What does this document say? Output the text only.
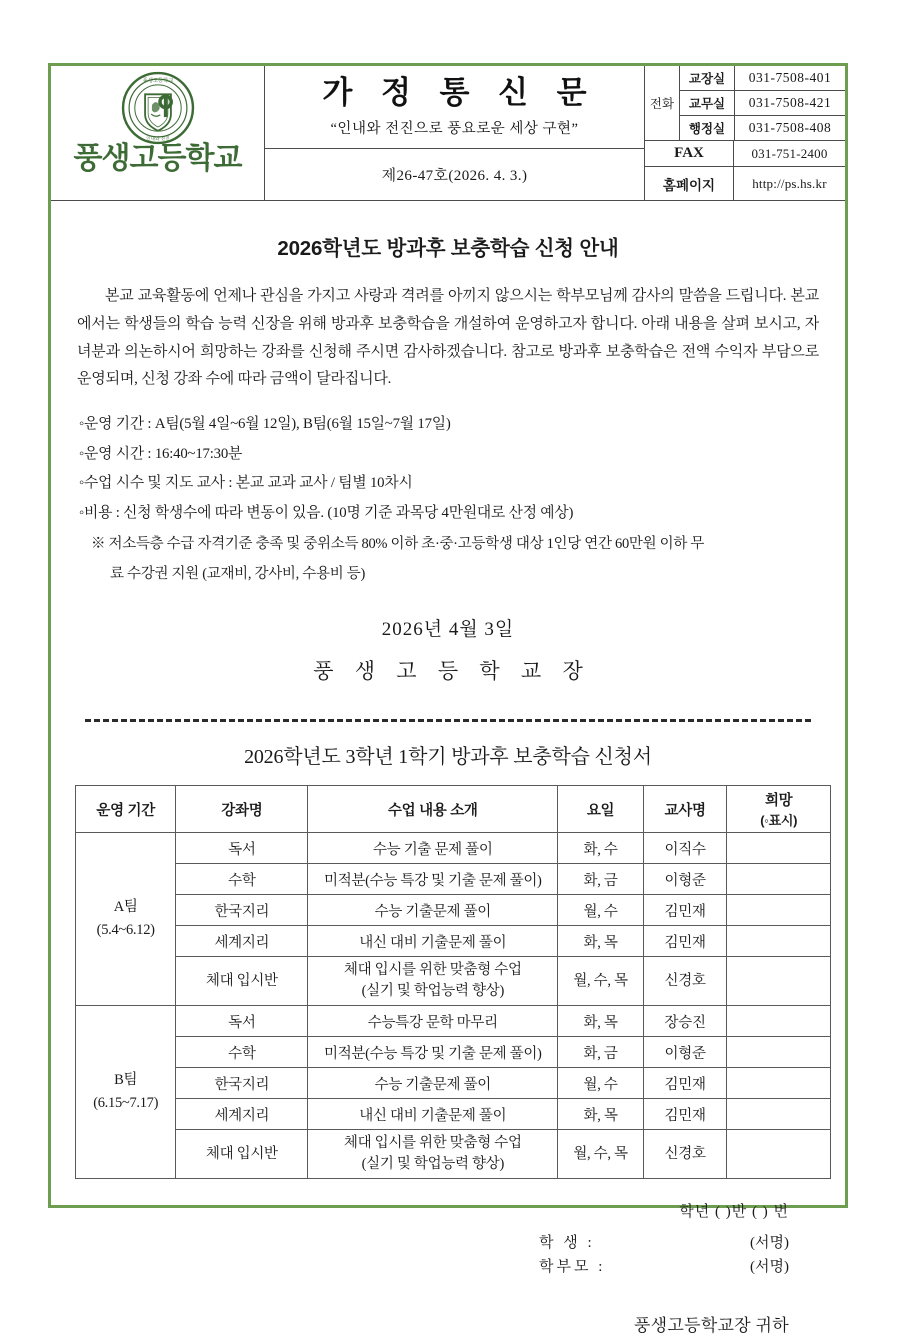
풍생고등학교
인내와 전진
풍생고등학교
가 정 통 신 문
“인내와 전진으로 풍요로운 세상 구현”
제26-47호(2026. 4. 3.)
전화
교장실	031-7508-401
교무실	031-7508-421
행정실	031-7508-408
FAX	031-751-2400
홈페이지	http://ps.hs.kr
2026학년도 방과후 보충학습 신청 안내

본교 교육활동에 언제나 관심을 가지고 사랑과 격려를 아끼지 않으시는 학부모님께 감사의 말씀을 드립니다. 본교에서는 학생들의 학습 능력 신장을 위해 방과후 보충학습을 개설하여 운영하고자 합니다. 아래 내용을 살펴 보시고, 자녀분과 의논하시어 희망하는 강좌를 신청해 주시면 감사하겠습니다. 참고로 방과후 보충학습은 전액 수익자 부담으로 운영되며, 신청 강좌 수에 따라 금액이 달라집니다.

◦운영 기간 : A팀(5월 4일~6월 12일), B팀(6월 15일~7월 17일)
◦운영 시간 : 16:40~17:30분
◦수업 시수 및 지도 교사 : 본교 교과 교사 / 팀별 10차시
◦비용 : 신청 학생수에 따라 변동이 있음. (10명 기준 과목당 4만원대로 산정 예상)
※ 저소득층 수급 자격기준 충족 및 중위소득 80% 이하 초·중·고등학생 대상 1인당 연간 60만원 이하 무
료 수강권 지원 (교재비, 강사비, 수용비 등)
2026년 4월 3일
풍 생 고 등 학 교 장
2026학년도 3학년 1학기 방과후 보충학습 신청서
운영 기간	강좌명	수업 내용 소개	요일	교사명	희망
(◦표시)

A팀
(5.4~6.12)	독서	수능 기출 문제 풀이	화, 수	이직수	
	수학	미적분(수능 특강 및 기출 문제 풀이)	화, 금	이형준	
	한국지리	수능 기출문제 풀이	월, 수	김민재	
	세계지리	내신 대비 기출문제 풀이	화, 목	김민재	
	체대 입시반	체대 입시를 위한 맞춤형 수업
(실기 및 학업능력 향상)	월, 수, 목	신경호	

B팀
(6.15~7.17)	독서	수능특강 문학 마무리	화, 목	장승진	
	수학	미적분(수능 특강 및 기출 문제 풀이)	화, 금	이형준	
	한국지리	수능 기출문제 풀이	월, 수	김민재	
	세계지리	내신 대비 기출문제 풀이	화, 목	김민재	
	체대 입시반	체대 입시를 위한 맞춤형 수업
(실기 및 학업능력 향상)	월, 수, 목	신경호	
학년 ( )반 ( ) 번
학 생 :	(서명)
학부모 :	(서명)
풍생고등학교장 귀하
